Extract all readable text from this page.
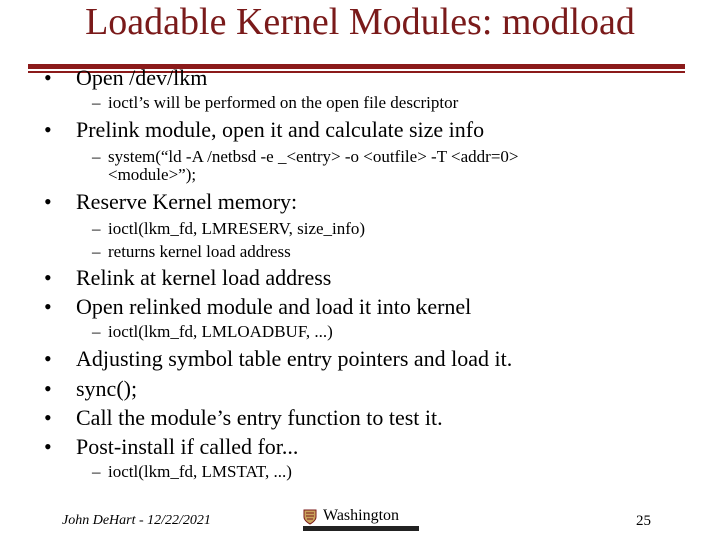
Loadable Kernel Modules: modload
• Open /dev/lkm
– ioctl’s will be performed on the open file descriptor
• Prelink module, open it and calculate size info
– system(“ld -A /netbsd -e _<entry> -o <outfile> -T <addr=0>
<module>”);
• Reserve Kernel memory:
– ioctl(lkm_fd, LMRESERV, size_info)
– returns kernel load address
• Relink at kernel load address
• Open relinked module and load it into kernel
– ioctl(lkm_fd, LMLOADBUF, ...)
• Adjusting symbol table entry pointers and load it.
• sync();
• Call the module’s entry function to test it.
• Post-install if called for...
– ioctl(lkm_fd, LMSTAT, ...)
John DeHart - 12/22/2021	Washington	25
